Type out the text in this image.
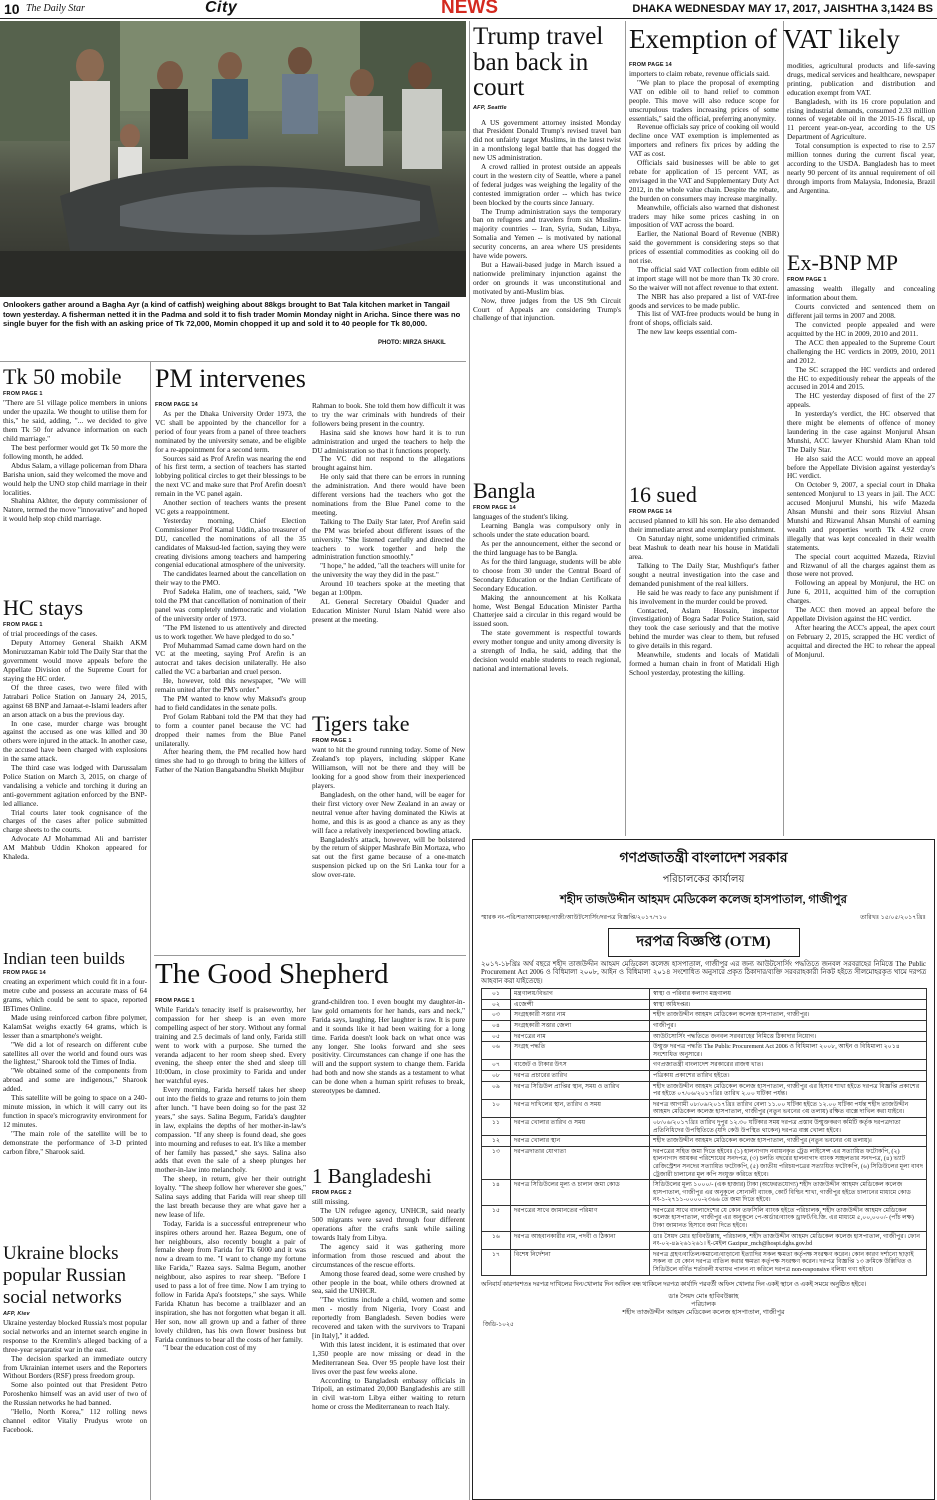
10 The Daily Star	City	NEWS	DHAKA WEDNESDAY MAY 17, 2017, JAISHTHA 3,1424 BS
Onlookers gather around a Bagha Ayr (a kind of catfish) weighing about 88kgs brought to Bat Tala kitchen market in Tangail town yesterday. A fisherman netted it in the Padma and sold it to fish trader Momin Monday night in Aricha. Since there was no single buyer for the fish with an asking price of Tk 72,000, Momin chopped it up and sold it to 40 people for Tk 80,000.
PHOTO: MIRZA SHAKIL
Trump travel ban back in court
AFP, Seattle

A US government attorney insisted Monday that President Donald Trump's revised travel ban did not unfairly target Muslims, in the latest twist in a monthslong legal battle that has dogged the new US administration.

A crowd rallied in protest outside an appeals court in the western city of Seattle, where a panel of federal judges was weighing the legality of the contested immigration order -- which has twice been blocked by the courts since January.

The Trump administration says the temporary ban on refugees and travelers from six Muslim-majority countries -- Iran, Syria, Sudan, Libya, Somalia and Yemen -- is motivated by national security concerns, an area where US presidents have wide powers.

But a Hawaii-based judge in March issued a nationwide preliminary injunction against the order on grounds it was unconstitutional and motivated by anti-Muslim bias.

Now, three judges from the US 9th Circuit Court of Appeals are considering Trump's challenge of that injunction.

Bangla
FROM PAGE 14

languages of the student's liking.

Learning Bangla was compulsory only in schools under the state education board.

As per the announcement, either the second or the third language has to be Bangla.

As for the third language, students will be able to choose from 30 under the Central Board of Secondary Education or the Indian Certificate of Secondary Education.

Making the announcement at his Kolkata home, West Bengal Education Minister Partha Chatterjee said a circular in this regard would be issued soon.

The state government is respectful towards every mother tongue and unity among diversity is a strength of India, he said, adding that the decision would enable students to reach regional, national and international levels.

Exemption of VAT likely
FROM PAGE 14

importers to claim rebate, revenue officials said.

"We plan to place the proposal of exempting VAT on edible oil to hand relief to common people. This move will also reduce scope for unscrupulous traders increasing prices of some essentials," said the official, preferring anonymity.

Revenue officials say price of cooking oil would decline once VAT exemption is implemented as importers and refiners fix prices by adding the VAT as cost.

Officials said businesses will be able to get rebate for application of 15 percent VAT, as envisaged in the VAT and Supplementary Duty Act 2012, in the whole value chain. Despite the rebate, the burden on consumers may increase marginally.

Meanwhile, officials also warned that dishonest traders may hike some prices cashing in on imposition of VAT across the board.

Earlier, the National Board of Revenue (NBR) said the government is considering steps so that prices of essential commodities as cooking oil do not rise.

The official said VAT collection from edible oil at import stage will not be more than Tk 30 crore. So the waiver will not affect revenue to that extent.

The NBR has also prepared a list of VAT-free goods and services to be made public.

This list of VAT-free products would be hung in front of shops, officials said.

The new law keeps essential com-

modities, agricultural products and life-saving drugs, medical services and healthcare, newspaper printing, publication and distribution and education exempt from VAT.

Bangladesh, with its 16 crore population and rising industrial demands, consumed 2.33 million tonnes of vegetable oil in the 2015-16 fiscal, up 11 percent year-on-year, according to the US Department of Agriculture.

Total consumption is expected to rise to 2.57 million tonnes during the current fiscal year, according to the USDA. Bangladesh has to meet nearly 90 percent of its annual requirement of oil through imports from Malaysia, Indonesia, Brazil and Argentina.

16 sued
FROM PAGE 14

accused planned to kill his son. He also demanded their immediate arrest and exemplary punishment.

On Saturday night, some unidentified criminals beat Mashuk to death near his house in Matidali area.

Talking to The Daily Star, Mushfiqur's father sought a neutral investigation into the case and demanded punishment of the real killers.

He said he was ready to face any punishment if his involvement in the murder could be proved.

Contacted, Aslam Hossain, inspector (investigation) of Bogra Sadar Police Station, said they took the case seriously and that the motive behind the murder was clear to them, but refused to give details in this regard.

Meanwhile, students and locals of Matidali formed a human chain in front of Matidali High School yesterday, protesting the killing.

Ex-BNP MP
FROM PAGE 1

amassing wealth illegally and concealing information about them.

Courts convicted and sentenced them on different jail terms in 2007 and 2008.

The convicted people appealed and were acquitted by the HC in 2009, 2010 and 2011.

The ACC then appealed to the Supreme Court challenging the HC verdicts in 2009, 2010, 2011 and 2012.

The SC scrapped the HC verdicts and ordered the HC to expeditiously rehear the appeals of the accused in 2014 and 2015.

The HC yesterday disposed of first of the 27 appeals.

In yesterday's verdict, the HC observed that there might be elements of offence of money laundering in the case against Monjurul Ahsan Munshi, ACC lawyer Khurshid Alam Khan told The Daily Star.

He also said the ACC would move an appeal before the Appellate Division against yesterday's HC verdict.

On October 9, 2007, a special court in Dhaka sentenced Monjurul to 13 years in jail. The ACC accused Monjurul Munshi, his wife Mazeda Ahsan Munshi and their sons Rizviul Ahsan Munshi and Rizwanul Ahsan Munshi of earning wealth and properties worth Tk 4.92 crore illegally that was kept concealed in their wealth statements.

The special court acquitted Mazeda, Rizviul and Rizwanul of all the charges against them as those were not proved.

Following an appeal by Monjurul, the HC on June 6, 2011, acquitted him of the corruption charges.

The ACC then moved an appeal before the Appellate Division against the HC verdict.

After hearing the ACC's appeal, the apex court on February 2, 2015, scrapped the HC verdict of acquittal and directed the HC to rehear the appeal of Monjurul.

Tk 50 mobile
FROM PAGE 1

"There are 51 village police members in unions under the upazila. We thought to utilise them for this," he said, adding, "... we decided to give them Tk 50 for advance information on each child marriage."

The best performer would get Tk 50 more the following month, he added.

Abdus Salam, a village policeman from Dhara Barisha union, said they welcomed the move and would help the UNO stop child marriage in their localities.

Shahina Akhter, the deputy commissioner of Natore, termed the move "innovative" and hoped it would help stop child marriage.

HC stays
FROM PAGE 1

of trial proceedings of the cases.

Deputy Attorney General Shaikh AKM Moniruzzaman Kabir told The Daily Star that the government would move appeals before the Appellate Division of the Supreme Court for staying the HC order.

Of the three cases, two were filed with Jatrabari Police Station on January 24, 2015, against 68 BNP and Jamaat-e-Islami leaders after an arson attack on a bus the previous day.

In one case, murder charge was brought against the accused as one was killed and 30 others were injured in the attack. In another case, the accused have been charged with explosions in the same attack.

The third case was lodged with Darussalam Police Station on March 3, 2015, on charge of vandalising a vehicle and torching it during an anti-government agitation enforced by the BNP-led alliance.

Trial courts later took cognisance of the charges of the cases after police submitted charge sheets to the courts.

Advocate AJ Mohammad Ali and barrister AM Mahbub Uddin Khokon appeared for Khaleda.

Indian teen builds
FROM PAGE 14

creating an experiment which could fit in a four-metre cube and possess an accurate mass of 64 grams, which could be sent to space, reported IBTimes Online.

Made using reinforced carbon fibre polymer, KalamSat weighs exactly 64 grams, which is lesser than a smartphone's weight.

"We did a lot of research on different cube satellites all over the world and found ours was the lightest," Sharook told the Times of India.

"We obtained some of the components from abroad and some are indigenous," Sharook added.

This satellite will be going to space on a 240-minute mission, in which it will carry out its function in space's microgravity environment for 12 minutes.

"The main role of the satellite will be to demonstrate the performance of 3-D printed carbon fibre," Sharook said.

Ukraine blocks popular Russian social networks
AFP, Kiev

Ukraine yesterday blocked Russia's most popular social networks and an internet search engine in response to the Kremlin's alleged backing of a three-year separatist war in the east.

The decision sparked an immediate outcry from Ukrainian internet users and the Reporters Without Borders (RSF) press freedom group.

Some also pointed out that President Petro Poroshenko himself was an avid user of two of the Russian networks he had banned.

"Hello, North Korea," 112 rolling news channel editor Vitaliy Prudyus wrote on Facebook.

PM intervenes
FROM PAGE 14

As per the Dhaka University Order 1973, the VC shall be appointed by the chancellor for a period of four years from a panel of three teachers nominated by the university senate, and be eligible for a re-appointment for a second term.

Sources said as Prof Arefin was nearing the end of his first term, a section of teachers has started lobbying political circles to get their blessings to be the next VC and make sure that Prof Arefin doesn't remain in the VC panel again.

Another section of teachers wants the present VC gets a reappointment.

Yesterday morning, Chief Election Commissioner Prof Kamal Uddin, also treasurer of DU, cancelled the nominations of all the 35 candidates of Maksud-led faction, saying they were creating divisions among teachers and hampering congenial educational atmosphere of the university.

The candidates learned about the cancellation on their way to the PMO.

Prof Sadeka Halim, one of teachers, said, "We told the PM that cancellation of nomination of their panel was completely undemocratic and violation of the university order of 1973.

"The PM listened to us attentively and directed us to work together. We have pledged to do so."

Prof Muhammad Samad came down hard on the VC at the meeting, saying Prof Arefin is an autocrat and takes decision unilaterally. He also called the VC a barbarian and cruel person.

He, however, told this newspaper, "We will remain united after the PM's order."

The PM wanted to know why Maksud's group had to field candidates in the senate polls.

Prof Golam Rabbani told the PM that they had to form a counter panel because the VC had dropped their names from the Blue Panel unilaterally.

After hearing them, the PM recalled how hard times she had to go through to bring the killers of Father of the Nation Bangabandhu Sheikh Mujibur

Rahman to book. She told them how difficult it was to try the war criminals with hundreds of their followers being present in the country.

Hasina said she knows how hard it is to run administration and urged the teachers to help the DU administration so that it functions properly.

The VC did not respond to the allegations brought against him.

He only said that there can be errors in running the administration. And there would have been different versions had the teachers who got the nominations from the Blue Panel come to the meeting.

Talking to The Daily Star later, Prof Arefin said the PM was briefed about different issues of the university. "She listened carefully and directed the teachers to work together and help the administration function smoothly."

"I hope," he added, "all the teachers will unite for the university the way they did in the past."

Around 10 teachers spoke at the meeting that began at 1:00pm.

AL General Secretary Obaidul Quader and Education Minister Nurul Islam Nahid were also present at the meeting.

Tigers take
FROM PAGE 1

want to hit the ground running today. Some of New Zealand's top players, including skipper Kane Williamson, will not be there and they will be looking for a good show from their inexperienced players.

Bangladesh, on the other hand, will be eager for their first victory over New Zealand in an away or neutral venue after having dominated the Kiwis at home, and this is as good a chance as any as they will face a relatively inexperienced bowling attack.

Bangladesh's attack, however, will be bolstered by the return of skipper Mashrafe Bin Mortaza, who sat out the first game because of a one-match suspension picked up on the Sri Lanka tour for a slow over-rate.

The Good Shepherd
FROM PAGE 1

While Farida's tenacity itself is praiseworthy, her compassion for her sheep is an even more compelling aspect of her story. Without any formal training and 2.5 decimals of land only, Farida still went to work with a purpose. She turned the veranda adjacent to her room sheep shed. Every evening, the sheep enter the shed and sleep till 10:00am, in close proximity to Farida and under her watchful eyes.

Every morning, Farida herself takes her sheep out into the fields to graze and returns to join them after lunch. "I have been doing so for the past 32 years," she says. Salina Begum, Farida's daughter in law, explains the depths of her mother-in-law's compassion. "If any sheep is found dead, she goes into mourning and refuses to eat. It's like a member of her family has passed," she says. Salina also adds that even the sale of a sheep plunges her mother-in-law into melancholy.

The sheep, in return, give her their outright loyalty. "The sheep follow her wherever she goes," Salina says adding that Farida will rear sheep till the last breath because they are what gave her a new lease of life.

Today, Farida is a successful entrepreneur who inspires others around her. Razea Begum, one of her neighbours, also recently bought a pair of female sheep from Farida for Tk 6000 and it was now a dream to me. "I want to change my fortune like Farida," Razea says. Salma Begum, another neighbour, also aspires to rear sheep. "Before I used to pass a lot of free time. Now I am trying to follow in Farida Apa's footsteps," she says. While Farida Khatun has become a trailblazer and an inspiration, she has not forgotten what began it all. Her son, now all grown up and a father of three lovely children, has his own flower business but Farida continues to bear all the costs of her family.

"I bear the education cost of my

grand-children too. I even bought my daughter-in-law gold ornaments for her hands, ears and neck," Farida says, laughing. Her laughter is raw. It is pure and it sounds like it had been waiting for a long time. Farida doesn't look back on what once was any longer. She looks forward and she sees positivity. Circumstances can change if one has the will and the support system to change them. Farida had both and now she stands as a testament to what can be done when a human spirit refuses to break, stereotypes be damned.

1 Bangladeshi
FROM PAGE 2

still missing.

The UN refugee agency, UNHCR, said nearly 500 migrants were saved through four different operations after the crafts sank while sailing towards Italy from Libya.

The agency said it was gathering more information from those rescued and about the circumstances of the rescue efforts.

Among those feared dead, some were crushed by other people in the boat, while others drowned at sea, said the UNHCR.

"The victims include a child, women and some men - mostly from Nigeria, Ivory Coast and reportedly from Bangladesh. Seven bodies were recovered and taken with the survivors to Trapani [in Italy]," it added.

With this latest incident, it is estimated that over 1,350 people are now missing or dead in the Mediterranean Sea. Over 95 people have lost their lives over the past few weeks alone.

According to Bangladesh embassy officials in Tripoli, an estimated 20,000 Bangladeshis are still in civil war-torn Libya either waiting to return home or cross the Mediterranean to reach Italy.

গণপ্রজাতন্ত্রী বাংলাদেশ সরকার
পরিচালকের কার্যালয়
শহীদ তাজউদ্দীন আহমদ মেডিকেল কলেজ হাসপাতাল, গাজীপুর
স্মারক নং-পরি/শতাআমেকহা/গাজী/আউটসোর্সিং/দরপত্র বিজ্ঞপ্তি/২০১৭/৭১০	তারিখঃ ১৫/০৫/২০১৭খ্রিঃ
দরপত্র বিজ্ঞপ্তি (OTM)
২০১৭-১৮খ্রিঃ অর্থ বছরে শহীদ তাজউদ্দীন আহমদ মেডিকেল কলেজ হাসপাতাল, গাজীপুর এর জন্য আউটসোর্সিং পদ্ধতিতে জনবল সরবরাহের নিমিত্তে The Public Procurement Act 2006 ও বিধিমালা ২০০৮, আইন ও বিধিমালা ২০১৪ সংশোধিত অনুসারে প্রকৃত ঠিকাদার/ব্যক্তি সরবরাহকারী নিকট হইতে সীলমোহরকৃত খামে দরপত্র আহবান করা যাইতেছে।
০১	মন্ত্রণালয়/বিভাগ	স্বাস্থ্য ও পরিবার কল্যাণ মন্ত্রণালয়
০২	এজেন্সী	স্বাস্থ্য অধিদপ্তর।
০৩	সংগ্রহকারী সত্তার নাম	শহীদ তাজউদ্দীন আহমদ মেডিকেল কলেজ হাসপাতাল, গাজীপুর।
০৪	সংগ্রহকারী সত্তার জেলা	গাজীপুর।
০৫	দরপত্রের নাম	আউটসোর্সিং পদ্ধতিতে জনবল সরবরাহের নিমিত্তে ঠিকাদার নিয়োগ।
০৬	সংগ্রহ পদ্ধতি	উন্মুক্ত দরপত্র পদ্ধতি The Public Procurement Act 2006 ও বিধিমালা ২০০৮, আইন ও বিধিমালা ২০১৪ সংশোধিত অনুসারে।
০৭	বাজেট ও টাকার উৎস	গণপ্রজাতন্ত্রী বাংলাদেশ সরকারের রাজস্ব খাত।
০৮	দরপত্র প্রচারের তারিখ	পত্রিকায় প্রকাশের তারিখ হইতে।
০৯	দরপত্র সিডিউল প্রাপ্তির স্থান, সময় ও তারিখ	শহীদ তাজউদ্দীন আহমদ মেডিকেল কলেজ হাসপাতাল, গাজীপুর এর হিসাব শাখা হইতে দরপত্র বিজ্ঞপ্তি প্রকাশের পর হইতে ০৭/০৬/২০১৭খ্রিঃ তারিখ ২.০০ ঘটিকা পর্যন্ত।
১০	দরপত্র দাখিলের স্থান, তারিখ ও সময়	দরপত্র আগামী ০৮/০৬/২০১৭খ্রিঃ তারিখ বেলা ১১.০০ ঘটিকা হইতে ১২.০০ ঘটিকা পর্যন্ত শহীদ তাজউদ্দীন আহমদ মেডিকেল কলেজ হাসপাতাল, গাজীপুর (নতুন ভবনের ৩য় তলায়) রক্ষিত বাক্সে দাখিল করা যাইবে।
১১	দরপত্র খোলার তারিখ ও সময়	০৮/০৬/২০১৭খ্রিঃ তারিখ দুপুর ১২.৩০ ঘটিকার সময় দরপত্র প্রস্তাব উন্মুক্তকরণ কমিটি কর্তৃক দরপত্রদাতা প্রতিনিধিদের উপস্থিতিতে (যদি কেউ উপস্থিত থাকেন) দরপত্র বাক্স খোলা হইবে।
১২	দরপত্র খোলার স্থান	শহীদ তাজউদ্দীন আহমদ মেডিকেল কলেজ হাসপাতাল, গাজীপুর (নতুন ভবনের ৩য় তলায়)।
১৩	দরপত্রদাতার যোগ্যতা	দরপত্রের সহিত জমা দিতে হইবেঃ (১) হালনাগাদ নবায়নকৃত ট্রেড লাইসেন্স এর সত্যায়িত ফটোকপি, (২) হালনাগাদ আয়কর পরিশোধের সনদপত্র, (৩) চলতি বছরের হালনাগাদ ব্যাংক সচ্ছলতার সনদপত্র, (৪) ভ্যাট রেজিস্ট্রেশন সনদের সত্যায়িত ফটোকপি, (৫) জাতীয় পরিচয়পত্রের সত্যায়িত ফটোকপি, (৬) সিডিউলের মূল্য বাবদ ট্রেজারী চালানের মূল কপি সংযুক্ত করিতে হইবে।
১৪	দরপত্র সিডিউলের মূল্য ও চালান জমা কোড	সিডিউলের মূল্য ১০০০/- (এক হাজার) টাকা (অফেরতযোগ্য) শহীদ তাজউদ্দীন আহমদ মেডিকেল কলেজ হাসপাতাল, গাজীপুর এর অনুকূলে সোনালী ব্যাংক, কোর্ট বিল্ডিং শাখা, গাজীপুর হইতে চালানের মাধ্যমে কোড নং-১-২৭১১-০০০০-২৩৬৬ তে জমা দিতে হইবে।
১৫	দরপত্রের সাথে জামানতের পরিমাণ	দরপত্রের সাথে বাংলাদেশের যে কোন তফসিলি ব্যাংক হইতে পরিচালক, শহীদ তাজউদ্দীন আহমদ মেডিকেল কলেজ হাসপাতাল, গাজীপুর এর অনুকূলে পে-অর্ডার/ব্যাংক ড্রাফট/বি.জি. এর মাধ্যমে ৫,০০,০০০/- (পাঁচ লক্ষ) টাকা জামানত হিসাবে জমা দিতে হইবে।
১৬	দরপত্র আহবানকারীর নাম, পদবী ও ঠিকানা	ডাঃ সৈয়দ মোঃ হাবিবউল্লাহ, পরিচালক, শহীদ তাজউদ্দীন আহমদ মেডিকেল কলেজ হাসপাতাল, গাজীপুর। ফোন নং-০২-৪৯২৬১২৬১। ই-মেইল Gazipur_mch@hospi.dghs.gov.bd
১৭	বিশেষ নির্দেশনা	দরপত্র গ্রহণ/বাতিল/কমানো/বাড়ানো ইত্যাদির সকল ক্ষমতা কর্তৃপক্ষ সংরক্ষণ করেন। কোন কারণ দর্শানো ছাড়াই সকল বা যে কোন দরপত্র বাতিল করার ক্ষমতা কর্তৃপক্ষ সংরক্ষণ করেন। দরপত্র বিজ্ঞপ্তি ১৩ ক্রমিকে উল্লিখিত ও সিডিউলে বর্ণিত শর্তাবলী যথাযথ পালন না করিলে দরপত্র non-responsive বলিয়া গণ্য হইবে।
অনিবার্য কারণবশতঃ দরপত্র দাখিলের দিন/খোলার দিন অফিস বন্ধ থাকিলে দরপত্র কার্যাদি পরবর্তী অফিস খোলার দিন একই স্থানে ও একই সময়ে অনুষ্ঠিত হইবে।
ডাঃ সৈয়দ মোঃ হাবিবউল্লাহ
পরিচালক
শহীদ তাজউদ্দীন আহমদ মেডিকেল কলেজ হাসপাতাল, গাজীপুর
জিডি-১০২৫
